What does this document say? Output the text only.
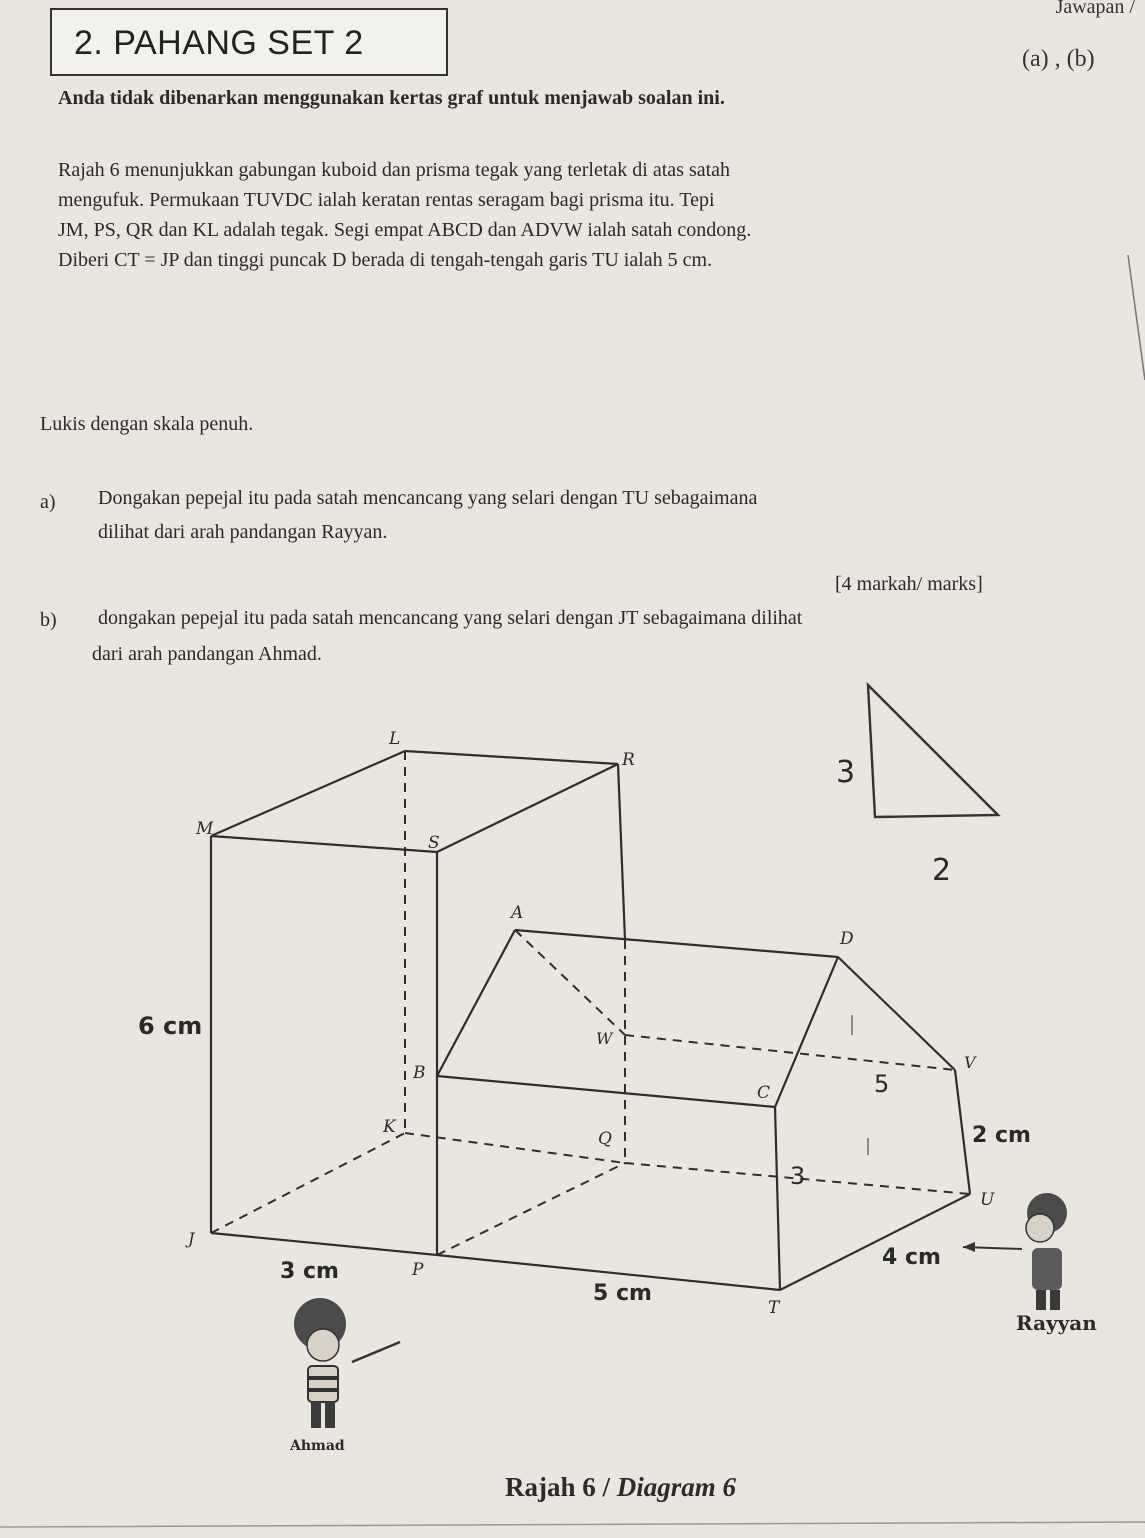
2. PAHANG SET 2
Jawapan /
(a) , (b)
Anda tidak dibenarkan menggunakan kertas graf untuk menjawab soalan ini.
Rajah 6 menunjukkan gabungan kuboid dan prisma tegak yang terletak di atas satah
mengufuk. Permukaan TUVDC ialah keratan rentas seragam bagi prisma itu. Tepi
JM, PS, QR dan KL adalah tegak. Segi empat ABCD dan ADVW ialah satah condong.
Diberi CT = JP dan tinggi puncak D berada di tengah-tengah garis TU ialah 5 cm.
Lukis dengan skala penuh.
a) Dongakan pepejal itu pada satah mencancang yang selari dengan TU sebagaimana
dilihat dari arah pandangan Rayyan.
[4 markah/ marks]
b) dongakan pepejal itu pada satah mencancang yang selari dengan JT sebagaimana dilihat
dari arah pandangan Ahmad.
3
2
L
R
M
S
A
D
W
B
C
V
K
Q
J
P
T
U
6 cm
3 cm
5 cm
4 cm
2 cm
5
3
Rayyan
Ahmad
Rajah 6 / Diagram 6
